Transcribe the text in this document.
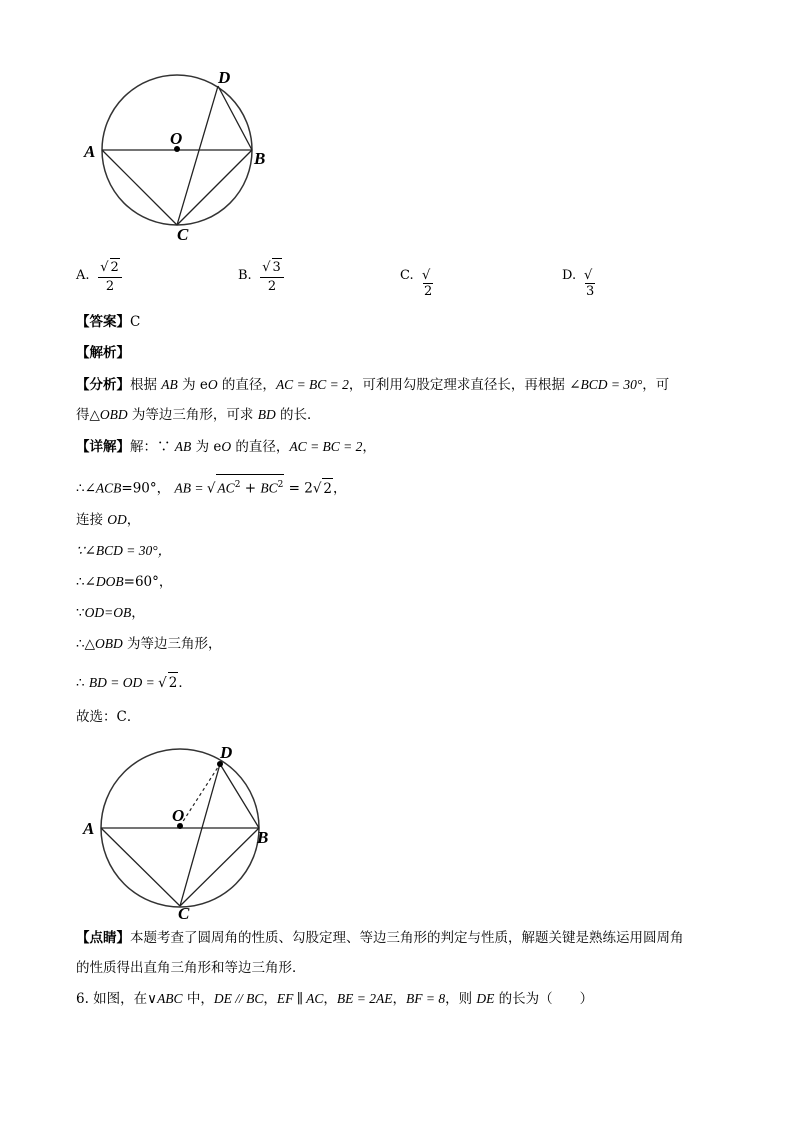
A	B
C
D
O
A.
√ 2
2
B.
√ 3
2
C. √2
D. √3
【答案】C
【解析】
【分析】根据 AB 为 eO 的直径，AC = BC = 2，可利用勾股定理求直径长，再根据 ∠BCD = 30°，可
得△OBD 为等边三角形，可求 BD 的长．
【详解】解：∵ AB 为 eO 的直径，AC = BC = 2，
∴∠ACB=90°， AB = √ $AC^2 + BC^2 = 2√$ 2，
连接 OD，
∵∠BCD = 30°，
∴∠DOB=60°，
∵OD=OB，
∴△OBD 为等边三角形，
∴ BD = OD = √ 2．
故选：C．
A	B
C
D
O
【点睛】本题考查了圆周角的性质、勾股定理、等边三角形的判定与性质，解题关键是熟练运用圆周角
的性质得出直角三角形和等边三角形．
6. 如图，在∨ABC 中，DE // BC，EF ∥ AC，BE = 2AE，BF = 8，则 DE 的长为（　　）
